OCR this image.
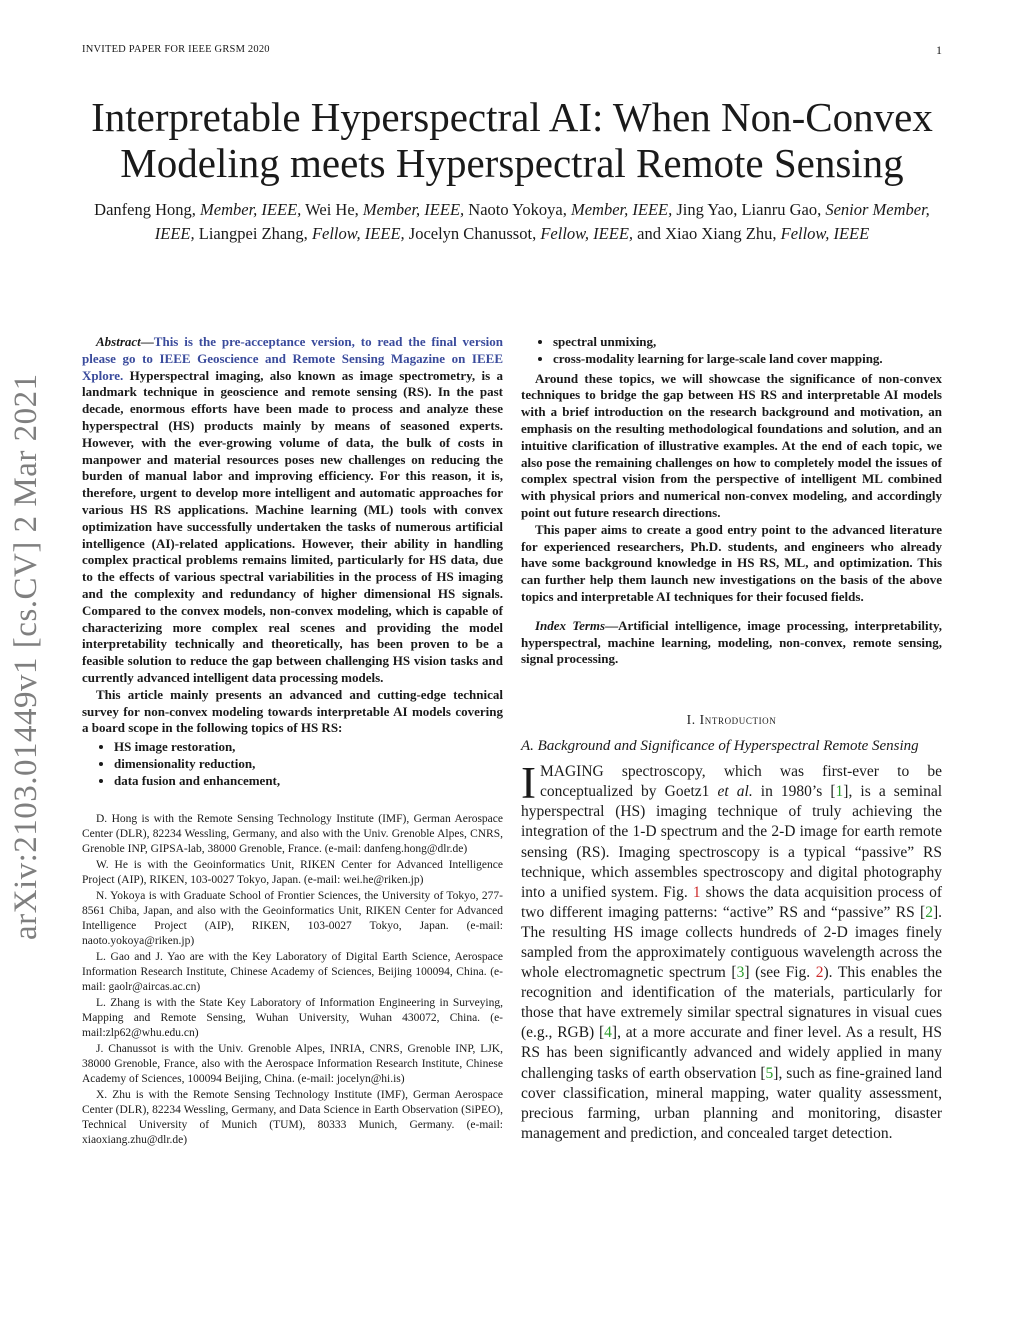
INVITED PAPER FOR IEEE GRSM 2020	1
Interpretable Hyperspectral AI: When Non-Convex
Modeling meets Hyperspectral Remote Sensing
Danfeng Hong, Member, IEEE, Wei He, Member, IEEE, Naoto Yokoya, Member, IEEE, Jing Yao, Lianru Gao, Senior Member, IEEE, Liangpei Zhang, Fellow, IEEE, Jocelyn Chanussot, Fellow, IEEE, and Xiao Xiang Zhu, Fellow, IEEE
arXiv:2103.01449v1 [cs.CV] 2 Mar 2021

Abstract—This is the pre-acceptance version, to read the final version please go to IEEE Geoscience and Remote Sensing Magazine on IEEE Xplore. Hyperspectral imaging, also known as image spectrometry, is a landmark technique in geoscience and remote sensing (RS). In the past decade, enormous efforts have been made to process and analyze these hyperspectral (HS) products mainly by means of seasoned experts. However, with the ever-growing volume of data, the bulk of costs in manpower and material resources poses new challenges on reducing the burden of manual labor and improving efficiency. For this reason, it is, therefore, urgent to develop more intelligent and automatic approaches for various HS RS applications. Machine learning (ML) tools with convex optimization have successfully undertaken the tasks of numerous artificial intelligence (AI)-related applications. However, their ability in handling complex practical problems remains limited, particularly for HS data, due to the effects of various spectral variabilities in the process of HS imaging and the complexity and redundancy of higher dimensional HS signals. Compared to the convex models, non-convex modeling, which is capable of characterizing more complex real scenes and providing the model interpretability technically and theoretically, has been proven to be a feasible solution to reduce the gap between challenging HS vision tasks and currently advanced intelligent data processing models.

This article mainly presents an advanced and cutting-edge technical survey for non-convex modeling towards interpretable AI models covering a board scope in the following topics of HS RS:

• HS image restoration,
• dimensionality reduction,
• data fusion and enhancement,

D. Hong is with the Remote Sensing Technology Institute (IMF), German Aerospace Center (DLR), 82234 Wessling, Germany, and also with the Univ. Grenoble Alpes, CNRS, Grenoble INP, GIPSA-lab, 38000 Grenoble, France. (e-mail: danfeng.hong@dlr.de)

W. He is with the Geoinformatics Unit, RIKEN Center for Advanced Intelligence Project (AIP), RIKEN, 103-0027 Tokyo, Japan. (e-mail: wei.he@riken.jp)

N. Yokoya is with Graduate School of Frontier Sciences, the University of Tokyo, 277-8561 Chiba, Japan, and also with the Geoinformatics Unit, RIKEN Center for Advanced Intelligence Project (AIP), RIKEN, 103-0027 Tokyo, Japan. (e-mail: naoto.yokoya@riken.jp)

L. Gao and J. Yao are with the Key Laboratory of Digital Earth Science, Aerospace Information Research Institute, Chinese Academy of Sciences, Beijing 100094, China. (e-mail: gaolr@aircas.ac.cn)

L. Zhang is with the State Key Laboratory of Information Engineering in Surveying, Mapping and Remote Sensing, Wuhan University, Wuhan 430072, China. (e-mail:zlp62@whu.edu.cn)

J. Chanussot is with the Univ. Grenoble Alpes, INRIA, CNRS, Grenoble INP, LJK, 38000 Grenoble, France, also with the Aerospace Information Research Institute, Chinese Academy of Sciences, 100094 Beijing, China. (e-mail: jocelyn@hi.is)

X. Zhu is with the Remote Sensing Technology Institute (IMF), German Aerospace Center (DLR), 82234 Wessling, Germany, and Data Science in Earth Observation (SiPEO), Technical University of Munich (TUM), 80333 Munich, Germany. (e-mail: xiaoxiang.zhu@dlr.de)

• spectral unmixing,
• cross-modality learning for large-scale land cover mapping.

Around these topics, we will showcase the significance of non-convex techniques to bridge the gap between HS RS and interpretable AI models with a brief introduction on the research background and motivation, an emphasis on the resulting methodological foundations and solution, and an intuitive clarification of illustrative examples. At the end of each topic, we also pose the remaining challenges on how to completely model the issues of complex spectral vision from the perspective of intelligent ML combined with physical priors and numerical non-convex modeling, and accordingly point out future research directions.

This paper aims to create a good entry point to the advanced literature for experienced researchers, Ph.D. students, and engineers who already have some background knowledge in HS RS, ML, and optimization. This can further help them launch new investigations on the basis of the above topics and interpretable AI techniques for their focused fields.

Index Terms—Artificial intelligence, image processing, interpretability, hyperspectral, machine learning, modeling, non-convex, remote sensing, signal processing.
I. Introduction
A. Background and Significance of Hyperspectral Remote Sensing
IMAGING spectroscopy, which was first-ever to be conceptualized by Goetz1 et al. in 1980’s [1], is a seminal hyperspectral (HS) imaging technique of truly achieving the integration of the 1-D spectrum and the 2-D image for earth remote sensing (RS). Imaging spectroscopy is a typical “passive” RS technique, which assembles spectroscopy and digital photography into a unified system. Fig. 1 shows the data acquisition process of two different imaging patterns: “active” RS and “passive” RS [2]. The resulting HS image collects hundreds of 2-D images finely sampled from the approximately contiguous wavelength across the whole electromagnetic spectrum [3] (see Fig. 2). This enables the recognition and identification of the materials, particularly for those that have extremely similar spectral signatures in visual cues (e.g., RGB) [4], at a more accurate and finer level. As a result, HS RS has been significantly advanced and widely applied in many challenging tasks of earth observation [5], such as fine-grained land cover classification, mineral mapping, water quality assessment, precious farming, urban planning and monitoring, disaster management and prediction, and concealed target detection.
